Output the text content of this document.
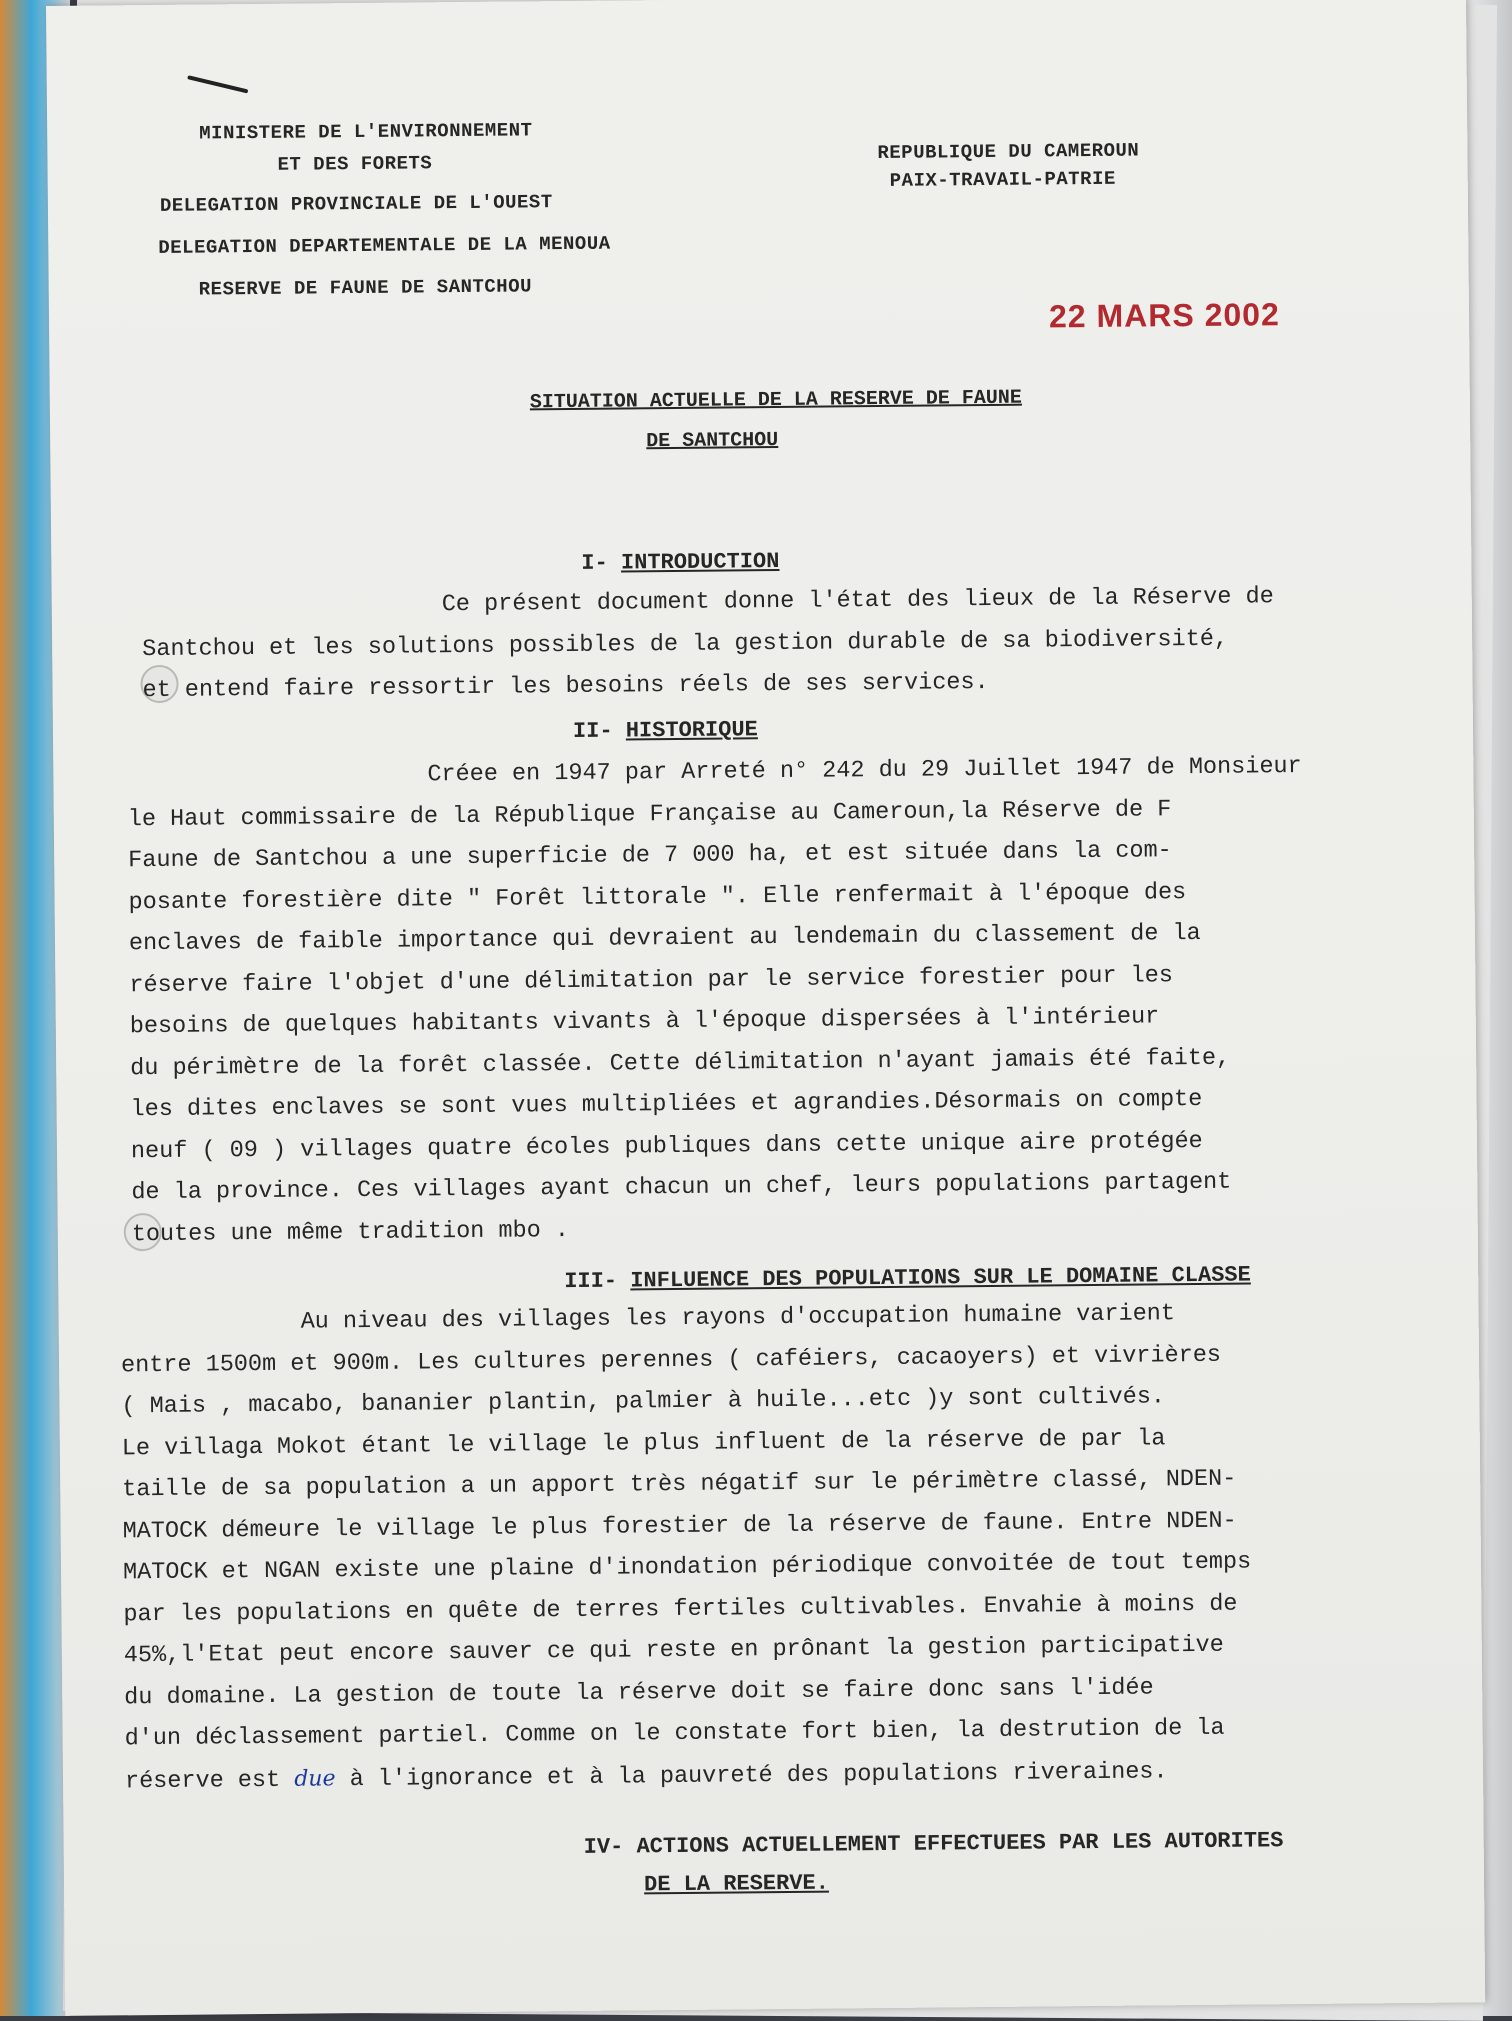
MINISTERE DE L'ENVIRONNEMENT
ET DES FORETS
DELEGATION PROVINCIALE DE L'OUEST
DELEGATION DEPARTEMENTALE DE LA MENOUA
RESERVE DE FAUNE DE SANTCHOU
REPUBLIQUE DU CAMEROUN
PAIX-TRAVAIL-PATRIE
22 MARS 2002
SITUATION ACTUELLE DE LA RESERVE DE FAUNE
DE SANTCHOU
I- INTRODUCTION
Ce présent document donne l'état des lieux de la Réserve de
Santchou et les solutions possibles de la gestion durable de sa biodiversité,
et entend faire ressortir les besoins réels de ses services.
II- HISTORIQUE
Créee en 1947 par Arreté n° 242 du 29 Juillet 1947 de Monsieur
le Haut commissaire de la République Française au Cameroun,la Réserve de F
Faune de Santchou a une superficie de 7 000 ha, et est située dans la com-
posante forestière dite " Forêt littorale ". Elle renfermait à l'époque des
enclaves de faible importance qui devraient au lendemain du classement de la
réserve faire l'objet d'une délimitation par le service forestier pour les
besoins de quelques habitants vivants à l'époque dispersées à l'intérieur
du périmètre de la forêt classée. Cette délimitation n'ayant jamais été faite,
les dites enclaves se sont vues multipliées et agrandies.Désormais on compte
neuf ( 09 ) villages quatre écoles publiques dans cette unique aire protégée
de la province. Ces villages ayant chacun un chef, leurs populations partagent
toutes une même tradition mbo .
III- INFLUENCE DES POPULATIONS SUR LE DOMAINE CLASSE
Au niveau des villages les rayons d'occupation humaine varient
entre 1500m et 900m. Les cultures perennes ( caféiers, cacaoyers) et vivrières
( Mais , macabo, bananier plantin, palmier à huile...etc )y sont cultivés.
Le villaga Mokot étant le village le plus influent de la réserve de par la
taille de sa population a un apport très négatif sur le périmètre classé, NDEN-
MATOCK démeure le village le plus forestier de la réserve de faune. Entre NDEN-
MATOCK et NGAN existe une plaine d'inondation périodique convoitée de tout temps
par les populations en quête de terres fertiles cultivables. Envahie à moins de
45%,l'Etat peut encore sauver ce qui reste en prônant la gestion participative
du domaine. La gestion de toute la réserve doit se faire donc sans l'idée
d'un déclassement partiel. Comme on le constate fort bien, la destrution de la
réserve est due à l'ignorance et à la pauvreté des populations riveraines.
IV- ACTIONS ACTUELLEMENT EFFECTUEES PAR LES AUTORITES
DE LA RESERVE.
